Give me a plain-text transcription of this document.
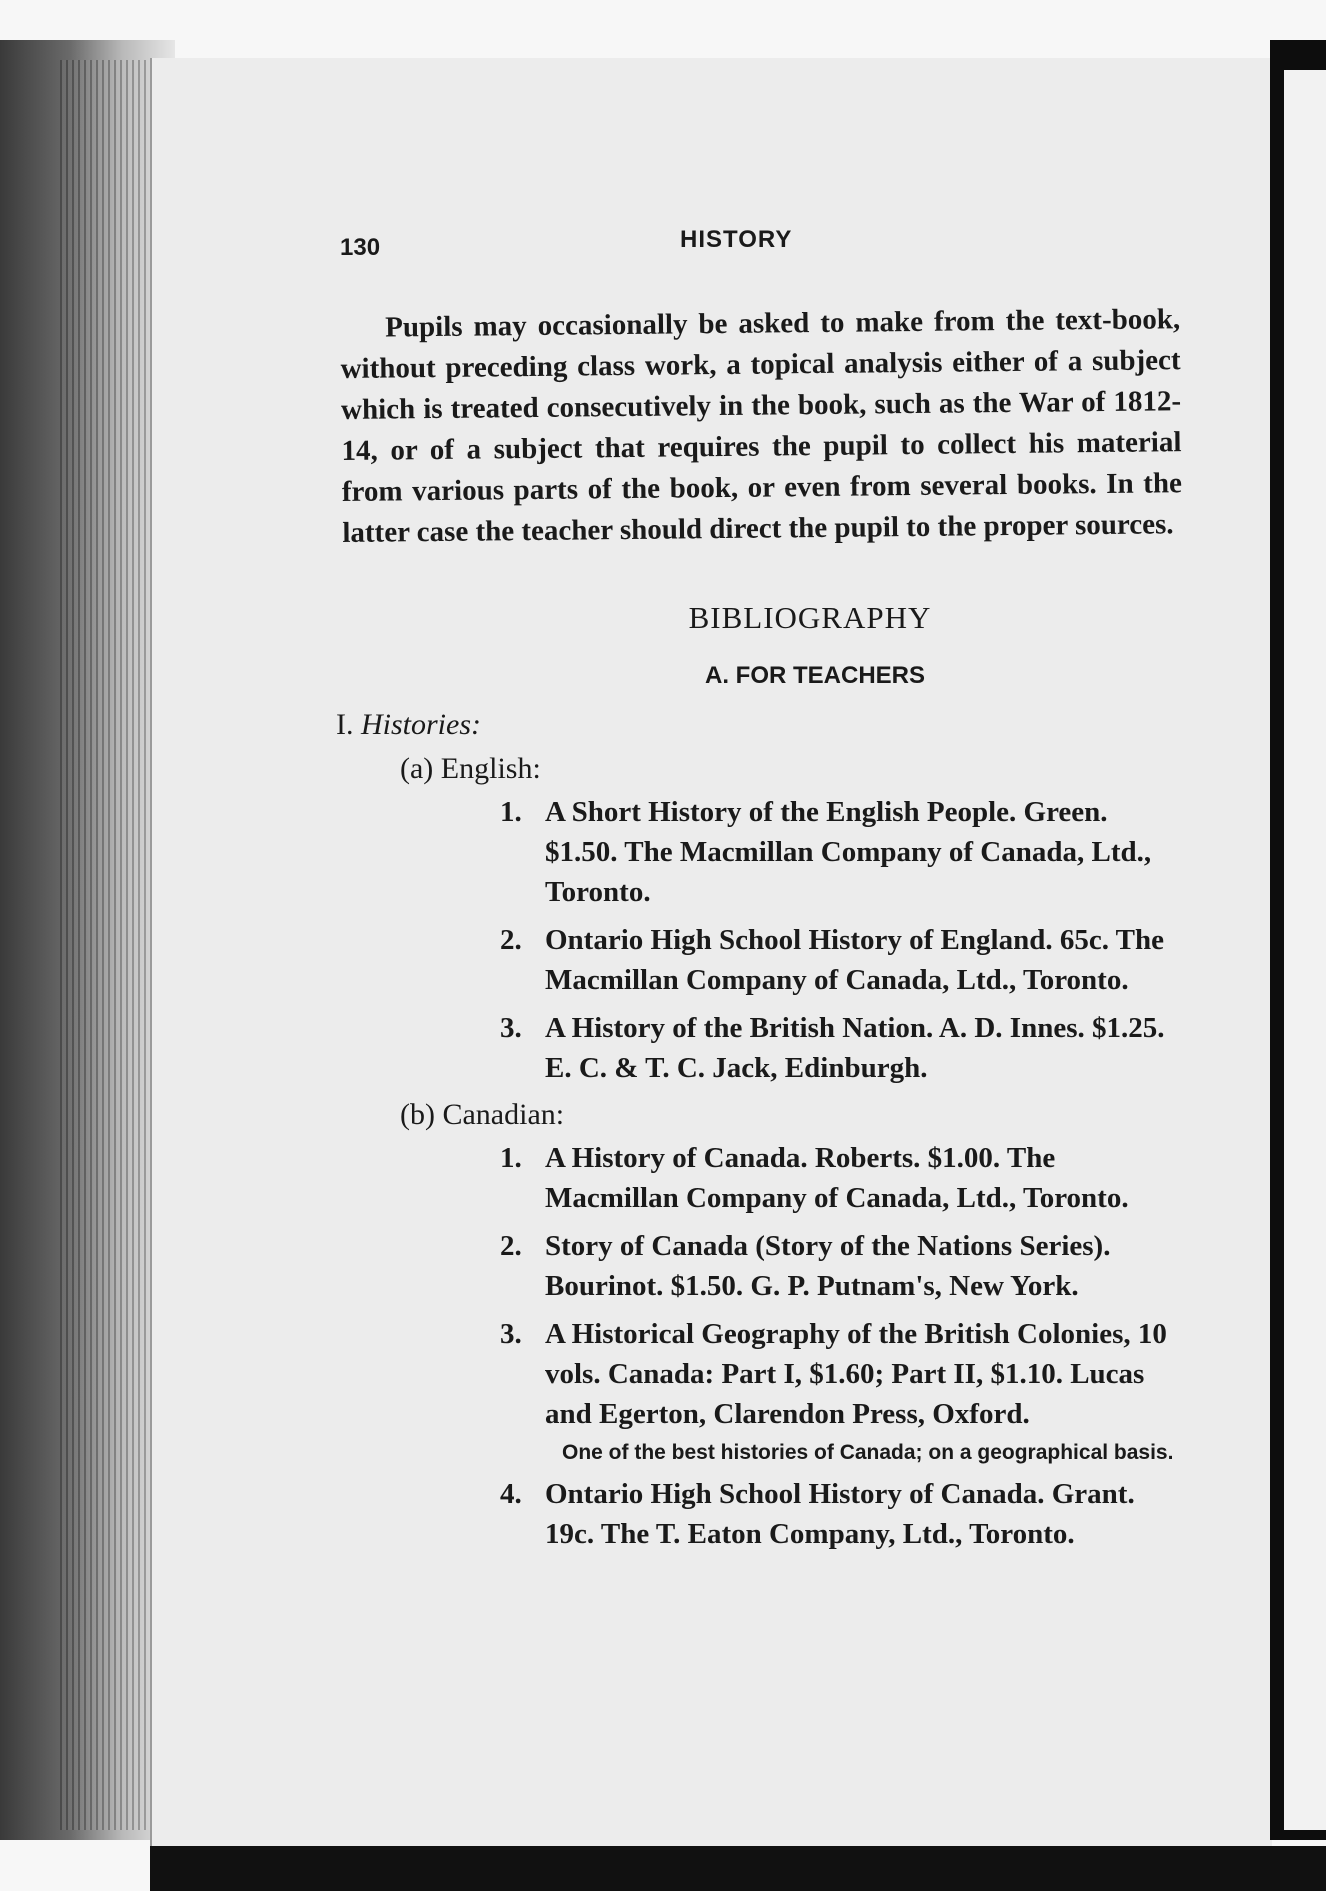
130	HISTORY

Pupils may occasionally be asked to make from the text-book, without preceding class work, a topical analysis either of a subject which is treated consecutively in the book, such as the War of 1812-14, or of a subject that requires the pupil to collect his material from various parts of the book, or even from several books. In the latter case the teacher should direct the pupil to the proper sources.

BIBLIOGRAPHY
A. FOR TEACHERS
I. Histories:
(a) English:
1. A Short History of the English People. Green. $1.50. The Macmillan Company of Canada, Ltd., Toronto.
2. Ontario High School History of England. 65c. The Macmillan Company of Canada, Ltd., Toronto.
3. A History of the British Nation. A. D. Innes. $1.25. E. C. & T. C. Jack, Edinburgh.
(b) Canadian:
1. A History of Canada. Roberts. $1.00. The Macmillan Company of Canada, Ltd., Toronto.
2. Story of Canada (Story of the Nations Series). Bourinot. $1.50. G. P. Putnam's, New York.
3. A Historical Geography of the British Colonies, 10 vols. Canada: Part I, $1.60; Part II, $1.10. Lucas and Egerton, Clarendon Press, Oxford.
One of the best histories of Canada; on a geographical basis.
4. Ontario High School History of Canada. Grant. 19c. The T. Eaton Company, Ltd., Toronto.
